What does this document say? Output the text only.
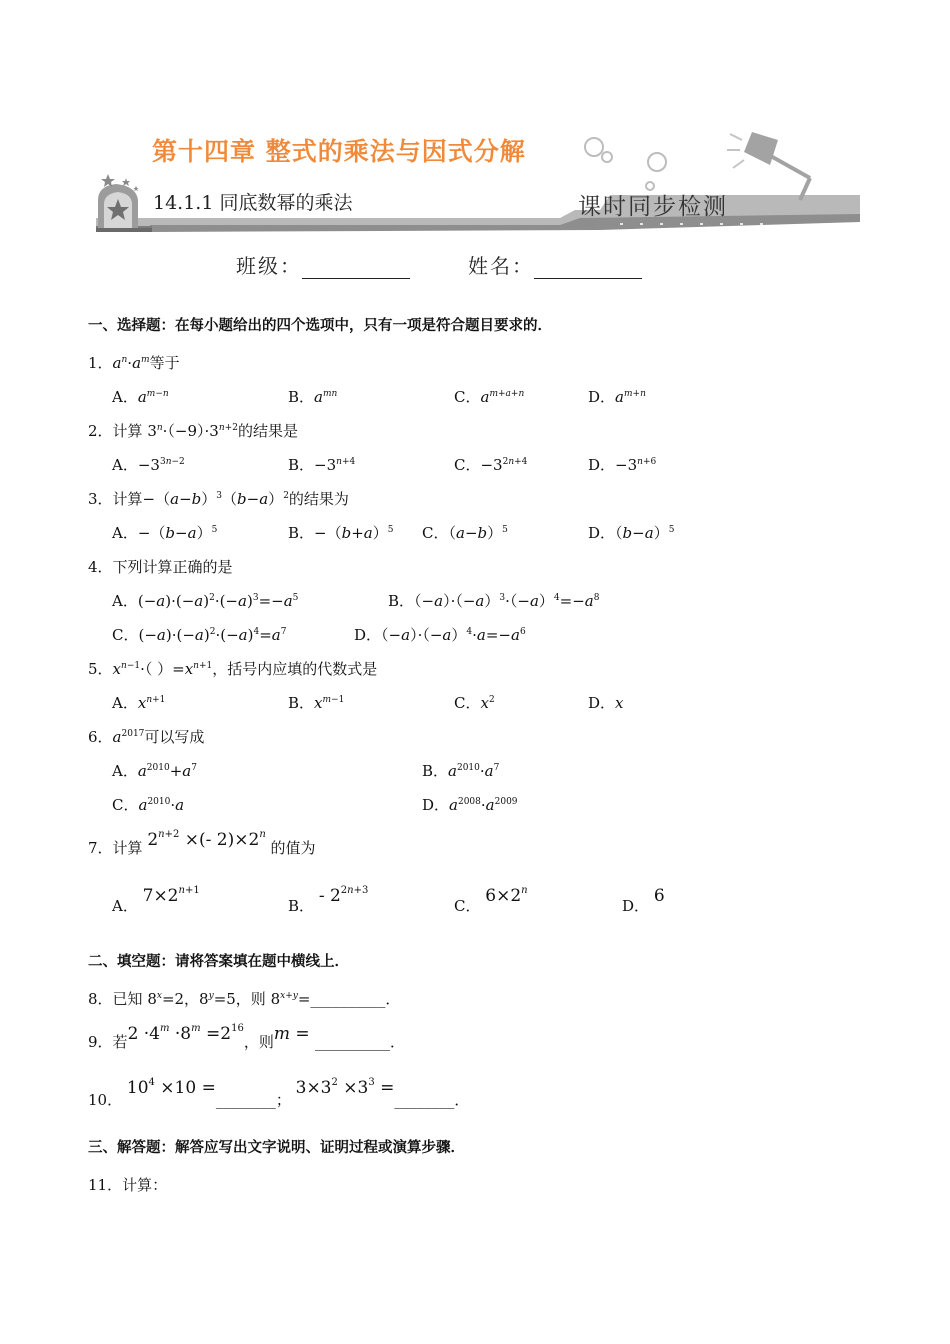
第十四章 整式的乘法与因式分解
14.1.1 同底数幂的乘法	课时同步检测
班级：	姓名：
一、选择题：在每小题给出的四个选项中，只有一项是符合题目要求的．
1．$a^n\cdot a^m$等于
A．$a^{m-n}$	B．$a^{mn}$	C．$a^{m+a+n}$	D．$a^{m+n}$
2．计算 $3^n\cdot(-9)\cdot 3^{n+2}$的结果是
A．$-3^{3n-2}$	B．$-3^{n+4}$	C．$-3^{2n+4}$	D．$-3^{n+6}$
3．计算$-(a-b)^3(b-a)^2$的结果为
A．$-(b-a)^5$	B．$-(b+a)^5$ C．$(a-b)^5$	D．$(b-a)^5$
4．下列计算正确的是
A．$(-a)\cdot(-a)^2\cdot(-a)^3=-a^5$	B．$(-a)\cdot(-a)^3\cdot(-a)^4=-a^8$
C．$(-a)\cdot(-a)^2\cdot(-a)^4=a^7$	D．$(-a)\cdot(-a)^4\cdot a=-a^6$
5．$x^{n-1}\cdot$（ ）$=x^{n+1}$，括号内应填的代数式是
A．$x^{n+1}$	B．$x^{m-1}$	C．$x^2$	D．x
6．$a^{2017}$可以写成
A．$a^{2010}+a^7$	B．$a^{2010}\cdot a^7$
C．$a^{2010}\cdot a$	D．$a^{2008}\cdot a^{2009}$
7．计算 $2^{n+2}$ ×(- $2)\times 2^n$ 的值为
A． $7\times 2^{n+1}$
B． - $2^{2n+3}$
C． $6\times 2^n$
D． 6
二、填空题：请将答案填在题中横线上．
8．已知 $8^x=2$，$8^y=5$，则 $8^{x+y}=\_\_\_\_\_\_\_\_\_\_$．
9．若$2 \cdot 4^m \cdot 8^m =2^{16}$，则m = __________．
10． $10^4 \times 10$ =________； $3\times 3^2 \times 3^3$ =________．
三、解答题：解答应写出文字说明、证明过程或演算步骤．
11．计算：
